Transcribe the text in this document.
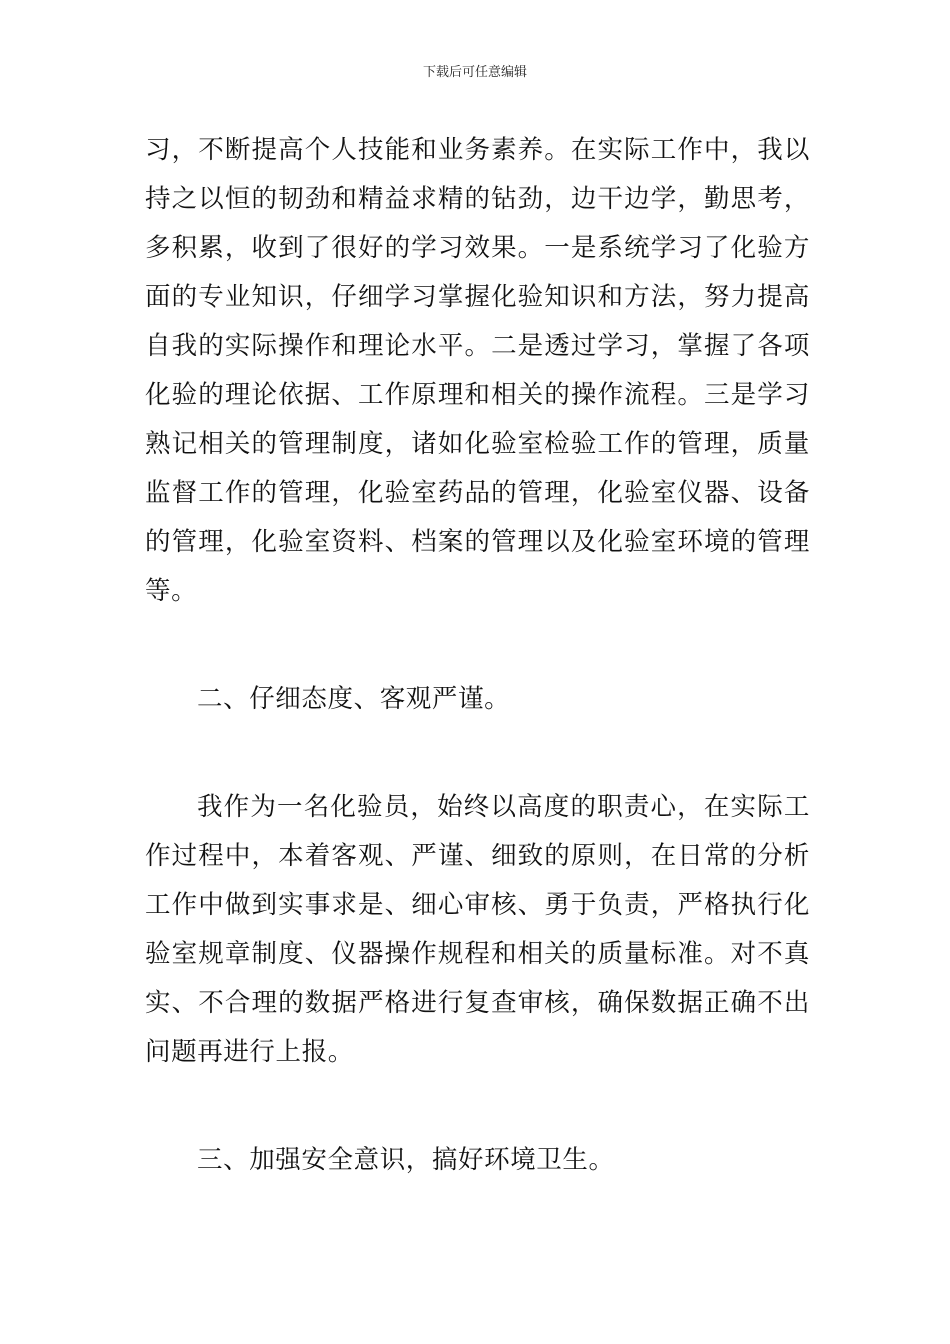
下载后可任意编辑

习，不断提高个人技能和业务素养。在实际工作中，我以持之以恒的韧劲和精益求精的钻劲，边干边学，勤思考，多积累，收到了很好的学习效果。一是系统学习了化验方面的专业知识，仔细学习掌握化验知识和方法，努力提高自我的实际操作和理论水平。二是透过学习，掌握了各项化验的理论依据、工作原理和相关的操作流程。三是学习熟记相关的管理制度，诸如化验室检验工作的管理，质量监督工作的管理，化验室药品的管理，化验室仪器、设备的管理，化验室资料、档案的管理以及化验室环境的管理等。

二、仔细态度、客观严谨。

我作为一名化验员，始终以高度的职责心，在实际工作过程中，本着客观、严谨、细致的原则，在日常的分析工作中做到实事求是、细心审核、勇于负责，严格执行化验室规章制度、仪器操作规程和相关的质量标准。对不真实、不合理的数据严格进行复查审核，确保数据正确不出问题再进行上报。

三、加强安全意识，搞好环境卫生。
